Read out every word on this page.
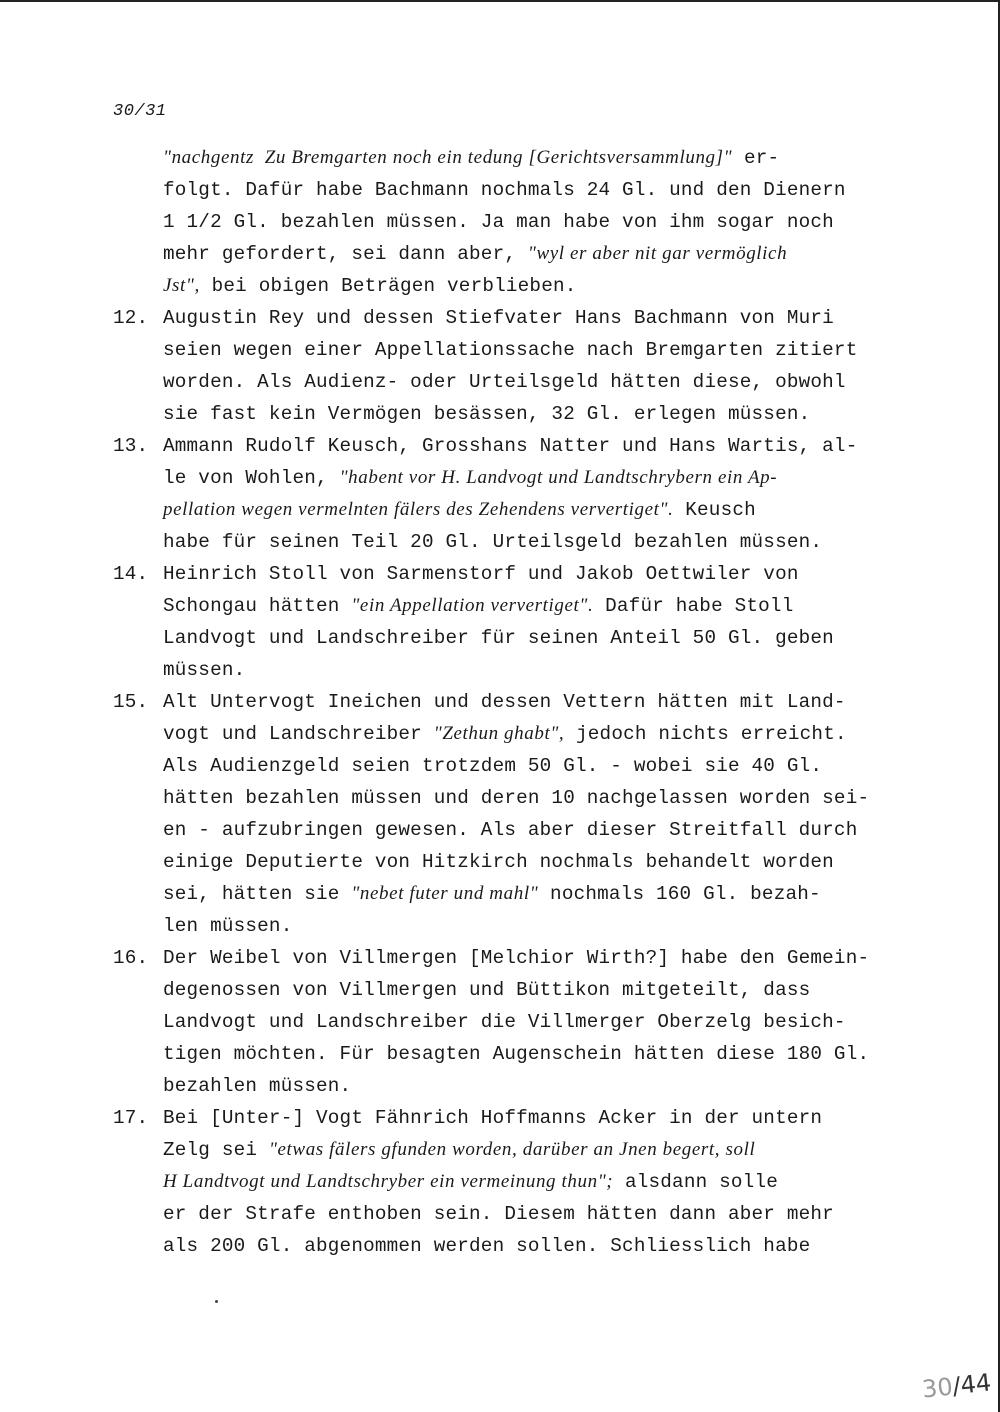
30/31
"nachgentz  Zu Bremgarten noch ein tedung [Gerichtsversammlung]" er-
folgt. Dafür habe Bachmann nochmals 24 Gl. und den Dienern
1 1/2 Gl. bezahlen müssen. Ja man habe von ihm sogar noch
mehr gefordert, sei dann aber, "wyl er aber nit gar vermöglich
Jst", bei obigen Beträgen verblieben.
12. Augustin Rey und dessen Stiefvater Hans Bachmann von Muri
seien wegen einer Appellationssache nach Bremgarten zitiert
worden. Als Audienz- oder Urteilsgeld hätten diese, obwohl
sie fast kein Vermögen besässen, 32 Gl. erlegen müssen.
13. Ammann Rudolf Keusch, Grosshans Natter und Hans Wartis, al-
le von Wohlen, "habent vor H. Landvogt und Landtschrybern ein Ap-
pellation wegen vermelnten fälers des Zehendens ververtiget". Keusch
habe für seinen Teil 20 Gl. Urteilsgeld bezahlen müssen.
14. Heinrich Stoll von Sarmenstorf und Jakob Oettwiler von
Schongau hätten "ein Appellation ververtiget". Dafür habe Stoll
Landvogt und Landschreiber für seinen Anteil 50 Gl. geben
müssen.
15. Alt Untervogt Ineichen und dessen Vettern hätten mit Land-
vogt und Landschreiber "Zethun ghabt", jedoch nichts erreicht.
Als Audienzgeld seien trotzdem 50 Gl. - wobei sie 40 Gl.
hätten bezahlen müssen und deren 10 nachgelassen worden sei-
en - aufzubringen gewesen. Als aber dieser Streitfall durch
einige Deputierte von Hitzkirch nochmals behandelt worden
sei, hätten sie "nebet futer und mahl" nochmals 160 Gl. bezah-
len müssen.
16. Der Weibel von Villmergen [Melchior Wirth?] habe den Gemein-
degenossen von Villmergen und Büttikon mitgeteilt, dass
Landvogt und Landschreiber die Villmerger Oberzelg besich-
tigen möchten. Für besagten Augenschein hätten diese 180 Gl.
bezahlen müssen.
17. Bei [Unter-] Vogt Fähnrich Hoffmanns Acker in der untern
Zelg sei "etwas fälers gfunden worden, darüber an Jnen begert, soll
H Landtvogt und Landtschryber ein vermeinung thun"; alsdann solle
er der Strafe enthoben sein. Diesem hätten dann aber mehr
als 200 Gl. abgenommen werden sollen. Schliesslich habe
30/44
